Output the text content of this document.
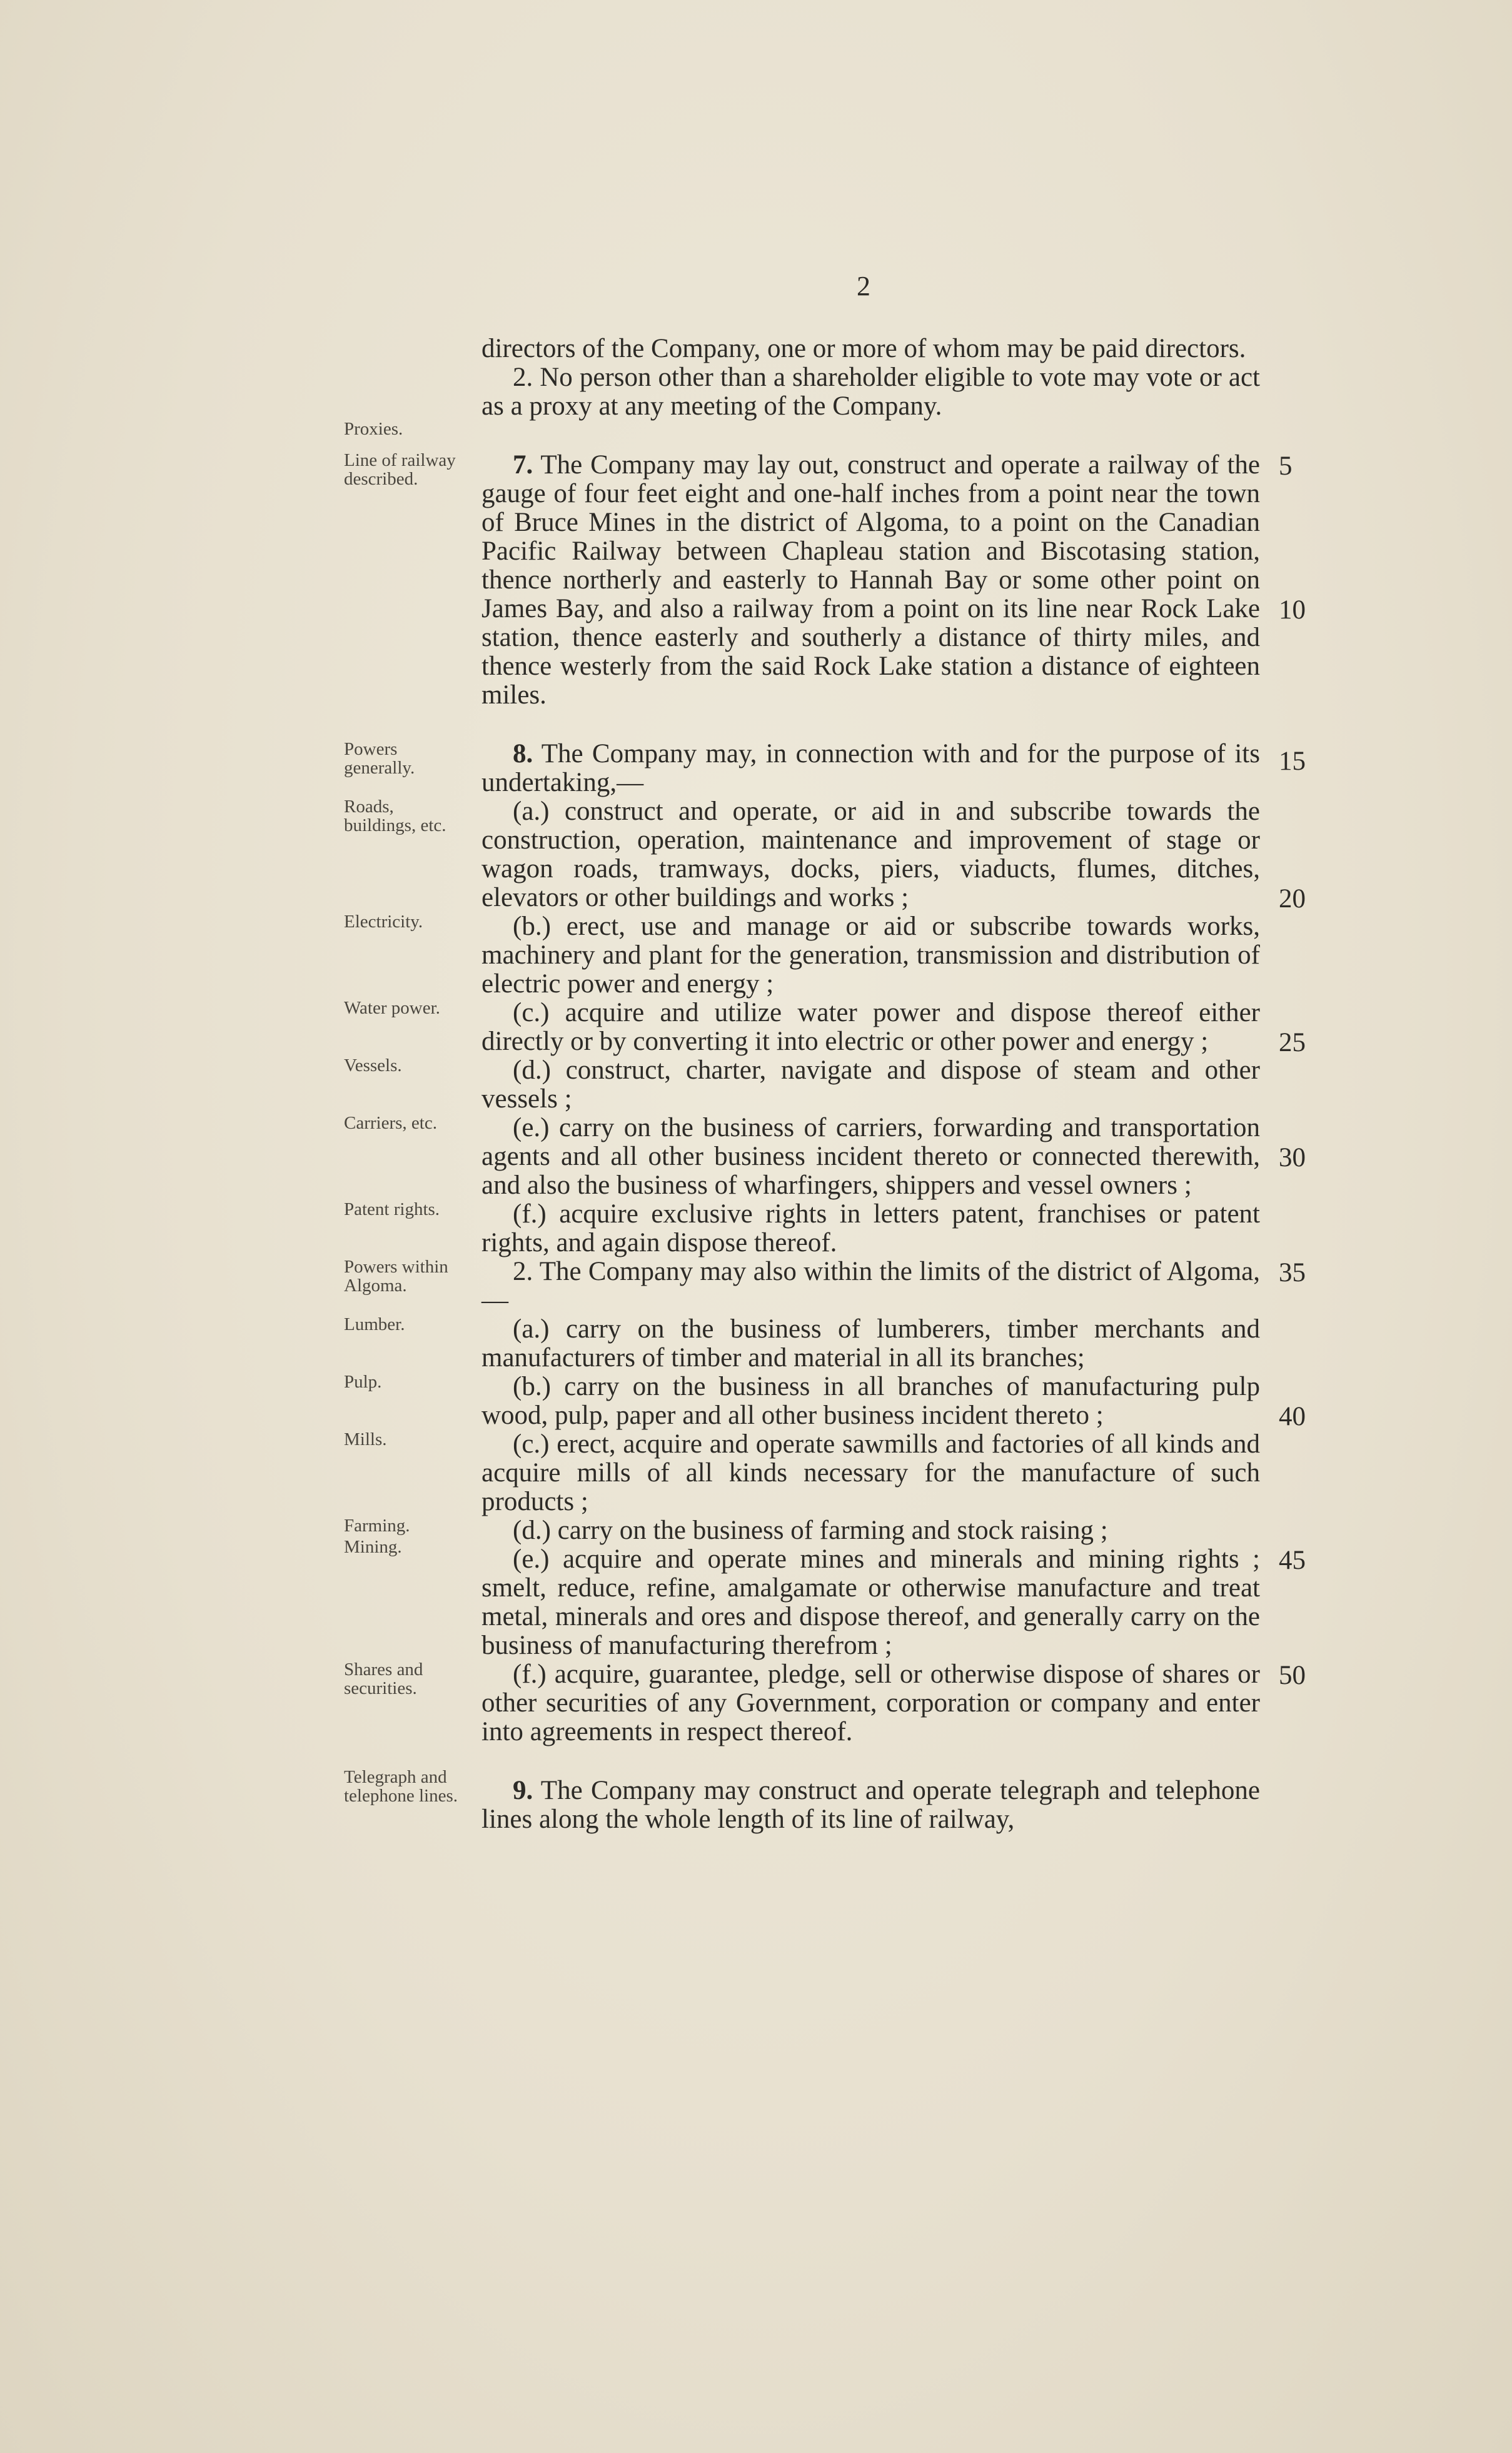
2

directors of the Company, one or more of whom may be paid directors.

Proxies.

2. No person other than a shareholder eligible to vote may vote or act as a proxy at any meeting of the Company.

Line of railway described.	5
10

7. The Company may lay out, construct and operate a railway of the gauge of four feet eight and one-half inches from a point near the town of Bruce Mines in the district of Algoma, to a point on the Canadian Pacific Railway between Chapleau station and Biscotasing station, thence northerly and easterly to Hannah Bay or some other point on James Bay, and also a railway from a point on its line near Rock Lake station, thence easterly and southerly a distance of thirty miles, and thence westerly from the said Rock Lake station a distance of eighteen miles.

Powers generally.	15

8. The Company may, in connection with and for the purpose of its undertaking,—

Roads, buildings, etc.
20

(a.) construct and operate, or aid in and subscribe towards the construction, operation, maintenance and improvement of stage or wagon roads, tramways, docks, piers, viaducts, flumes, ditches, elevators or other buildings and works ;

Electricity.	(b.) erect, use and manage or aid or subscribe towards works, machinery and plant for the generation, transmission and distribution of electric power and energy ;

Water power.
25

(c.) acquire and utilize water power and dispose thereof either directly or by converting it into electric or other power and energy ;

Vessels.	(d.) construct, charter, navigate and dispose of steam and other vessels ;

Carriers, etc.
30

(e.) carry on the business of carriers, forwarding and transportation agents and all other business incident thereto or connected therewith, and also the business of wharfingers, shippers and vessel owners ;

Patent rights.	(f.) acquire exclusive rights in letters patent, franchises or patent rights, and again dispose thereof.

Powers within Algoma.	35

2. The Company may also within the limits of the district of Algoma,—

Lumber.	(a.) carry on the business of lumberers, timber merchants and manufacturers of timber and material in all its branches;

Pulp.
40

(b.) carry on the business in all branches of manufacturing pulp wood, pulp, paper and all other business incident thereto ;

Mills.	(c.) erect, acquire and operate sawmills and factories of all kinds and acquire mills of all kinds necessary for the manufacture of such products ;

Farming.	(d.) carry on the business of farming and stock raising ;

Mining.	45

(e.) acquire and operate mines and minerals and mining rights ; smelt, reduce, refine, amalgamate or otherwise manufacture and treat metal, minerals and ores and dispose thereof, and generally carry on the business of manufacturing therefrom ;

Shares and securities.	50

(f.) acquire, guarantee, pledge, sell or otherwise dispose of shares or other securities of any Government, corporation or company and enter into agreements in respect thereof.

Telegraph and telephone lines.	9. The Company may construct and operate telegraph and telephone lines along the whole length of its line of railway,
